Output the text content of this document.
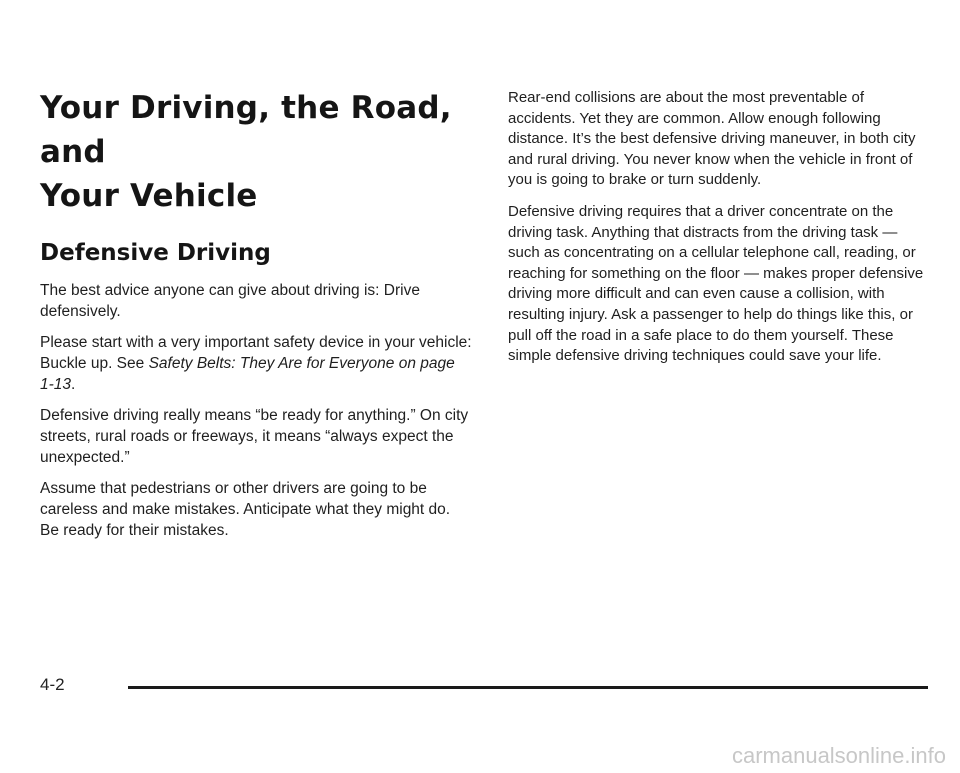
Your Driving, the Road, and
Your Vehicle
Defensive Driving

The best advice anyone can give about driving is: Drive defensively.

Please start with a very important safety device in your vehicle: Buckle up. See Safety Belts: They Are for Everyone on page 1-13.

Defensive driving really means “be ready for anything.” On city streets, rural roads or freeways, it means “always expect the unexpected.”

Assume that pedestrians or other drivers are going to be careless and make mistakes. Anticipate what they might do. Be ready for their mistakes.

Rear-end collisions are about the most preventable of accidents. Yet they are common. Allow enough following distance. It’s the best defensive driving maneuver, in both city and rural driving. You never know when the vehicle in front of you is going to brake or turn suddenly.

Defensive driving requires that a driver concentrate on the driving task. Anything that distracts from the driving task — such as concentrating on a cellular telephone call, reading, or reaching for something on the floor — makes proper defensive driving more difficult and can even cause a collision, with resulting injury. Ask a passenger to help do things like this, or pull off the road in a safe place to do them yourself. These simple defensive driving techniques could save your life.

4-2
carmanualsonline.info
